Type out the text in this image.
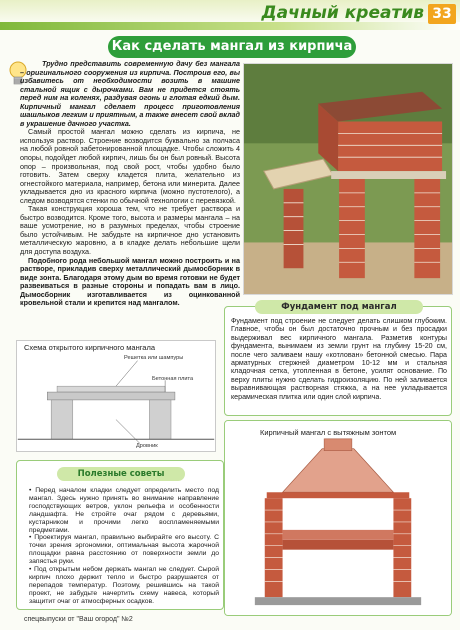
Дачный креатив 33
Как сделать мангал из кирпича

Трудно представить современную дачу без мангала – оригинального сооружения из кирпича. Построив его, вы избавитесь от необходимости возить в машине стальной ящик с дырочками. Вам не придется стоять перед ним на коленях, раздувая огонь и глотая едкий дым. Кирпичный мангал сделает процесс приготовления шашлыков легким и приятным, а также внесет свой вклад в украшение дачного участка.

Самый простой мангал можно сделать из кирпича, не используя раствор. Строение возводится буквально за полчаса на любой ровной забетонированной площадке. Чтобы сложить 4 опоры, подойдет любой кирпич, лишь бы он был ровный. Высота опор – произвольная, под свой рост, чтобы удобно было готовить. Затем сверху кладется плита, желательно из огнестойкого материала, например, бетона или минерита. Далее укладывается дно из красного кирпича (можно пустотелого), а следом возводятся стенки по обычной технологии с перевязкой.

Такая конструкция хороша тем, что не требует раствора и быстро возводится. Кроме того, высота и размеры мангала – на ваше усмотрение, но в разумных пределах, чтобы строение было устойчивым. Не забудьте на кирпичное дно установить металлическую жаровню, а в кладке делать небольшие щели для доступа воздуха.

Подобного рода небольшой мангал можно построить и на растворе, прикладив сверху металлический дымосборник в виде зонта. Благодаря этому дым во время готовки не будет развеиваться в разные стороны и попадать вам в лицо. Дымосборник изготавливается из оцинкованной кровельной стали и крепится над мангалом.

Схема открытого кирпичного мангала
Решетка или шампуры
Бетонная плита
Дровник
Фундамент под мангал

Фундамент под строение не следует делать слишком глубоким. Главное, чтобы он был достаточно прочным и без просадки выдерживал вес кирпичного мангала. Разметив контуры фундамента, вынимаем из земли грунт на глубину 15-20 см, после чего заливаем нашу «котлован» бетонной смесью. Пара арматурных стержней диаметром 10-12 мм и стальная кладочная сетка, утопленная в бетоне, усилят основание. По верху плиты нужно сделать гидроизоляцию. По ней заливается выравнивающая растворная стяжка, а на нее укладывается керамическая плитка или один слой кирпича.

Полезные советы

• Перед началом кладки следует определить место под мангал. Здесь нужно принять во внимание направление господствующих ветров, уклон рельефа и особенности ландшафта. Не стройте очаг рядом с деревьями, кустарником и прочими легко воспламеняемыми предметами.

• Проектируя мангал, правильно выбирайте его высоту. С точки зрения эргономики, оптимальная высота жарочной площадки равна расстоянию от поверхности земли до запястья руки.

• Под открытым небом держать мангал не следует. Сырой кирпич плохо держит тепло и быстро разрушается от перепадов температур. Поэтому, решившись на такой проект, не забудьте начертить схему навеса, который защитит очаг от атмосферных осадков.

Кирпичный мангал с вытяжным зонтом
спецвыпуски от "Ваш огород" №2
